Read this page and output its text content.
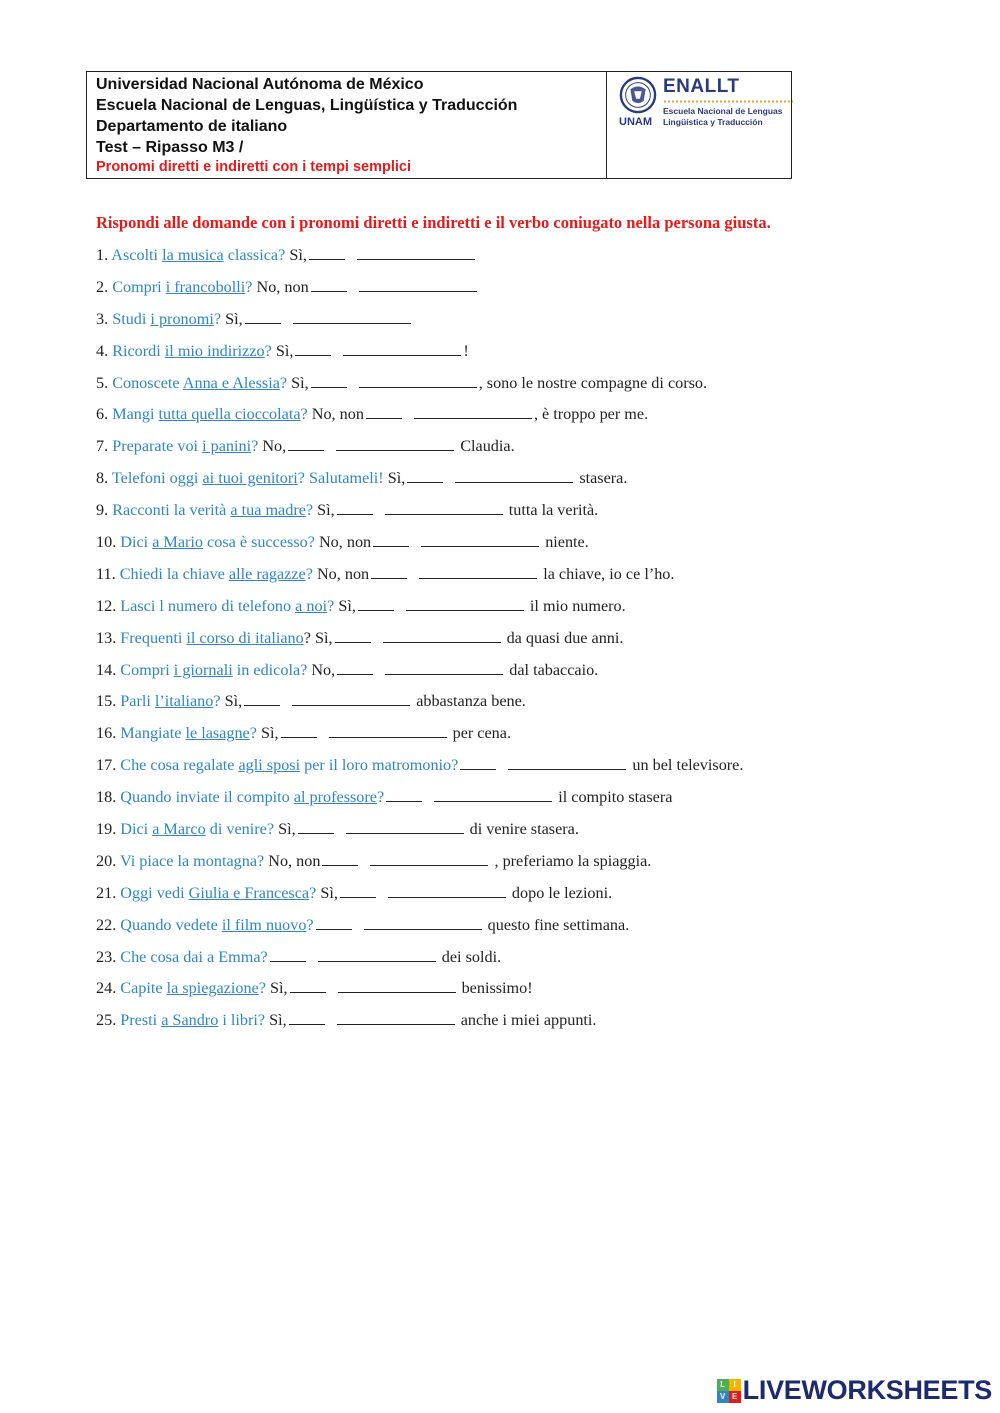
Universidad Nacional Autónoma de México
Escuela Nacional de Lenguas, Lingüística y Traducción
Departamento de italiano
Test – Ripasso M3 /
Pronomi diretti e indiretti con i tempi semplici
UNAM
ENALLT
Escuela Nacional de Lenguas
Lingüística y Traducción
Rispondi alle domande con i pronomi diretti e indiretti e il verbo coniugato nella persona giusta.
1. Ascolti la musica classica? Sì,
2. Compri i francobolli? No, non
3. Studi i pronomi? Sì,
4. Ricordi il mio indirizzo? Sì,	!
5. Conoscete Anna e Alessia? Sì,	, sono le nostre compagne di corso.
6. Mangi tutta quella cioccolata? No, non	, è troppo per me.
7. Preparate voi i panini? No,	Claudia.
8. Telefoni oggi ai tuoi genitori? Salutameli! Sì,	stasera.
9. Racconti la verità a tua madre? Sì,	tutta la verità.
10. Dici a Mario cosa è successo? No, non	niente.
11. Chiedi la chiave alle ragazze? No, non	la chiave, io ce l’ho.
12. Lasci l numero di telefono a noi? Sì,	il mio numero.
13. Frequenti il corso di italiano? Sì,	da quasi due anni.
14. Compri i giornali in edicola? No,	dal tabaccaio.
15. Parli l’italiano? Sì,	abbastanza bene.
16. Mangiate le lasagne? Sì,	per cena.
17. Che cosa regalate agli sposi per il loro matromonio?	un bel televisore.
18. Quando inviate il compito al professore?	il compito stasera
19. Dici a Marco di venire? Sì,	di venire stasera.
20. Vi piace la montagna? No, non	, preferiamo la spiaggia.
21. Oggi vedi Giulia e Francesca? Sì,	dopo le lezioni.
22. Quando vedete il film nuovo?	questo fine settimana.
23. Che cosa dai a Emma?	dei soldi.
24. Capite la spiegazione? Sì,	benissimo!
25. Presti a Sandro i libri? Sì,	anche i miei appunti.
L	I
V E LIVEWORKSHEETS
